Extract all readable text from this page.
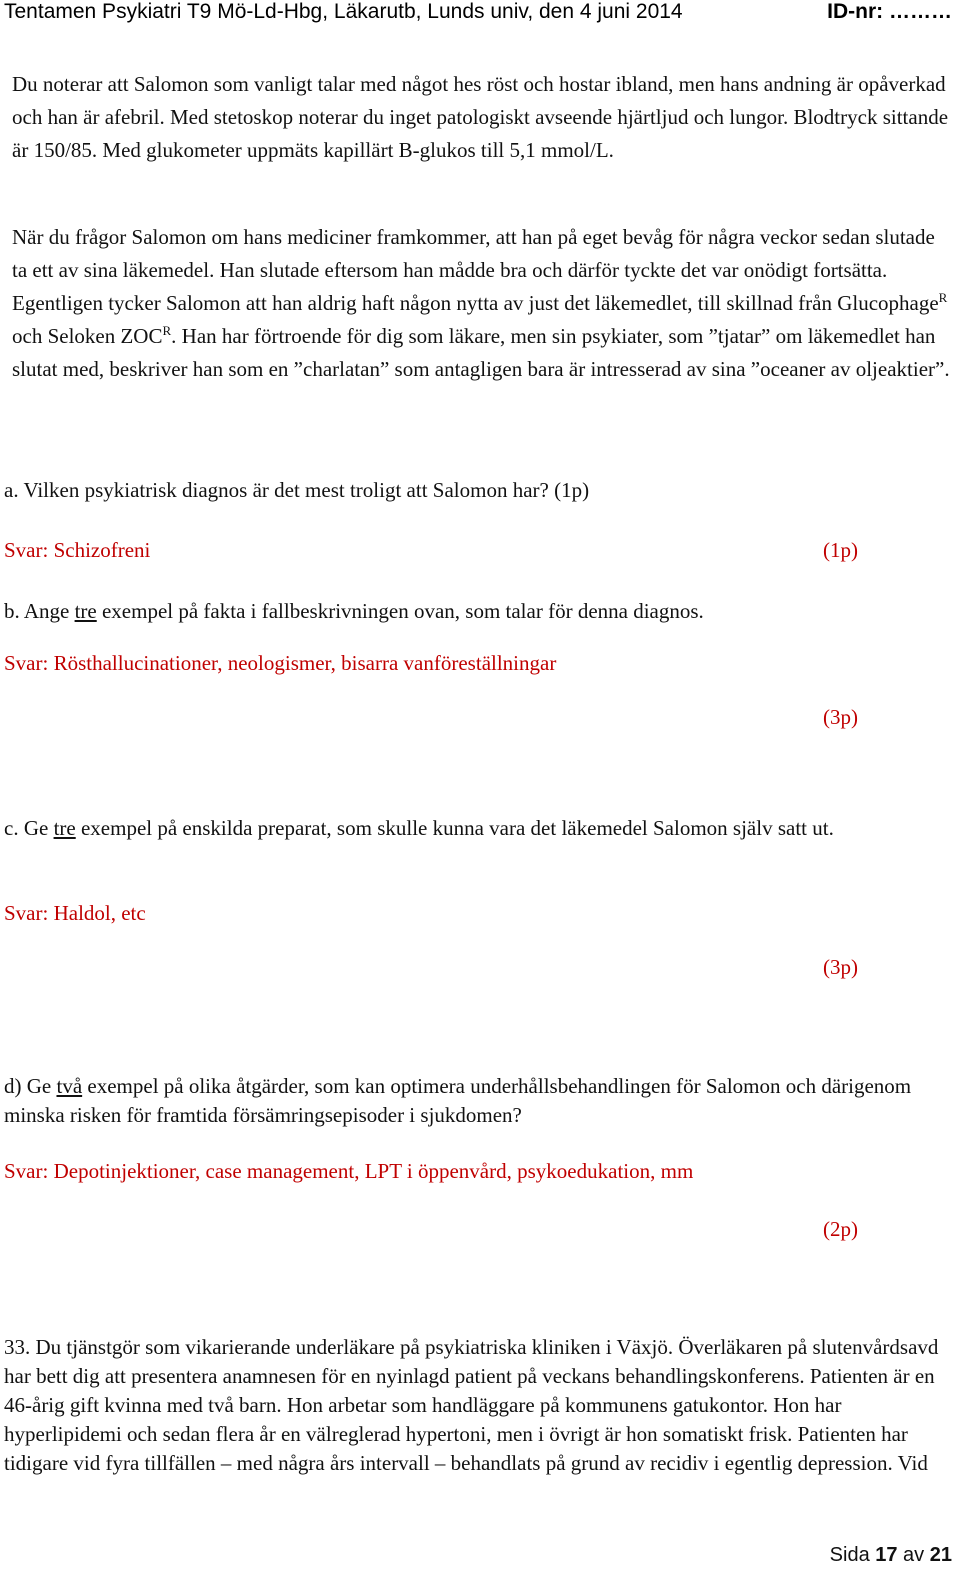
Tentamen Psykiatri T9 Mö-Ld-Hbg, Läkarutb, Lunds univ, den 4 juni 2014	ID-nr: ………
Du noterar att Salomon som vanligt talar med något hes röst och hostar ibland, men hans andning är opåverkad och han är afebril. Med stetoskop noterar du inget patologiskt avseende hjärtljud och lungor. Blodtryck sittande är 150/85. Med glukometer uppmäts kapillärt B-glukos till 5,1 mmol/L.
När du frågor Salomon om hans mediciner framkommer, att han på eget bevåg för några veckor sedan slutade ta ett av sina läkemedel. Han slutade eftersom han mådde bra och därför tyckte det var onödigt fortsätta. Egentligen tycker Salomon att han aldrig haft någon nytta av just det läkemedlet, till skillnad från Glucophage$^R$ och Seloken $ZOC^R$. Han har förtroende för dig som läkare, men sin psykiater, som ”tjatar” om läkemedlet han slutat med, beskriver han som en ”charlatan” som antagligen bara är intresserad av sina ”oceaner av oljeaktier”.
a. Vilken psykiatrisk diagnos är det mest troligt att Salomon har? (1p)
Svar: Schizofreni	(1p)
b. Ange tre exempel på fakta i fallbeskrivningen ovan, som talar för denna diagnos.
Svar: Rösthallucinationer, neologismer, bisarra vanföreställningar
(3p)
c. Ge tre exempel på enskilda preparat, som skulle kunna vara det läkemedel Salomon själv satt ut.
Svar: Haldol, etc
(3p)
d) Ge två exempel på olika åtgärder, som kan optimera underhållsbehandlingen för Salomon och därigenom minska risken för framtida försämringsepisoder i sjukdomen?
Svar: Depotinjektioner, case management, LPT i öppenvård, psykoedukation, mm
(2p)
33. Du tjänstgör som vikarierande underläkare på psykiatriska kliniken i Växjö. Överläkaren på slutenvårdsavd har bett dig att presentera anamnesen för en nyinlagd patient på veckans behandlingskonferens. Patienten är en 46-årig gift kvinna med två barn. Hon arbetar som handläggare på kommunens gatukontor. Hon har hyperlipidemi och sedan flera år en välreglerad hypertoni, men i övrigt är hon somatiskt frisk. Patienten har tidigare vid fyra tillfällen – med några års intervall – behandlats på grund av recidiv i egentlig depression. Vid
Sida 17 av 21
